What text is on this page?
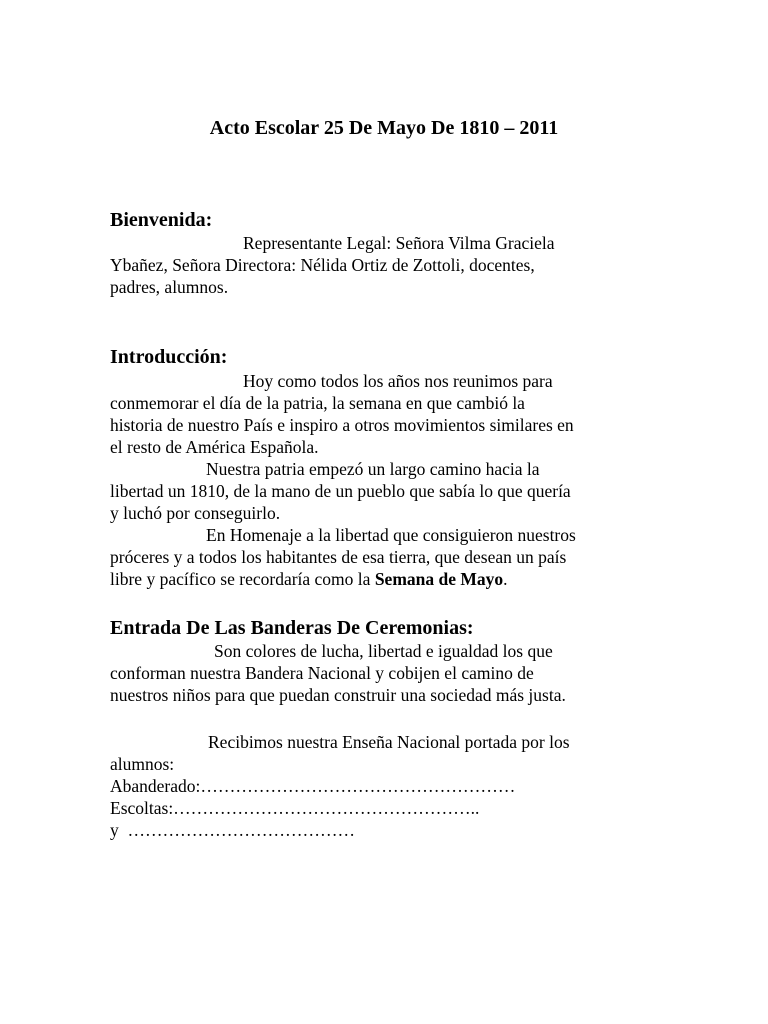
Acto Escolar 25 De Mayo De 1810 – 2011
Bienvenida:
Representante Legal: Señora Vilma Graciela
Ybañez, Señora Directora: Nélida Ortiz de Zottoli, docentes,
padres, alumnos.
Introducción:
Hoy como todos los años nos reunimos para
conmemorar el día de la patria, la semana en que cambió la
historia de nuestro País e inspiro a otros movimientos similares en
el resto de América Española.
Nuestra patria empezó un largo camino hacia la
libertad un 1810, de la mano de un pueblo que sabía lo que quería
y luchó por conseguirlo.
En Homenaje a la libertad que consiguieron nuestros
próceres y a todos los habitantes de esa tierra, que desean un país
libre y pacífico se recordaría como la Semana de Mayo.
Entrada De Las Banderas De Ceremonias:
Son colores de lucha, libertad e igualdad los que
conforman nuestra Bandera Nacional y cobijen el camino de
nuestros niños para que puedan construir una sociedad más justa.
Recibimos nuestra Enseña Nacional portada por los
alumnos:
Abanderado:………………………………………………
Escoltas:……………………………………………..
y  …………………………………
